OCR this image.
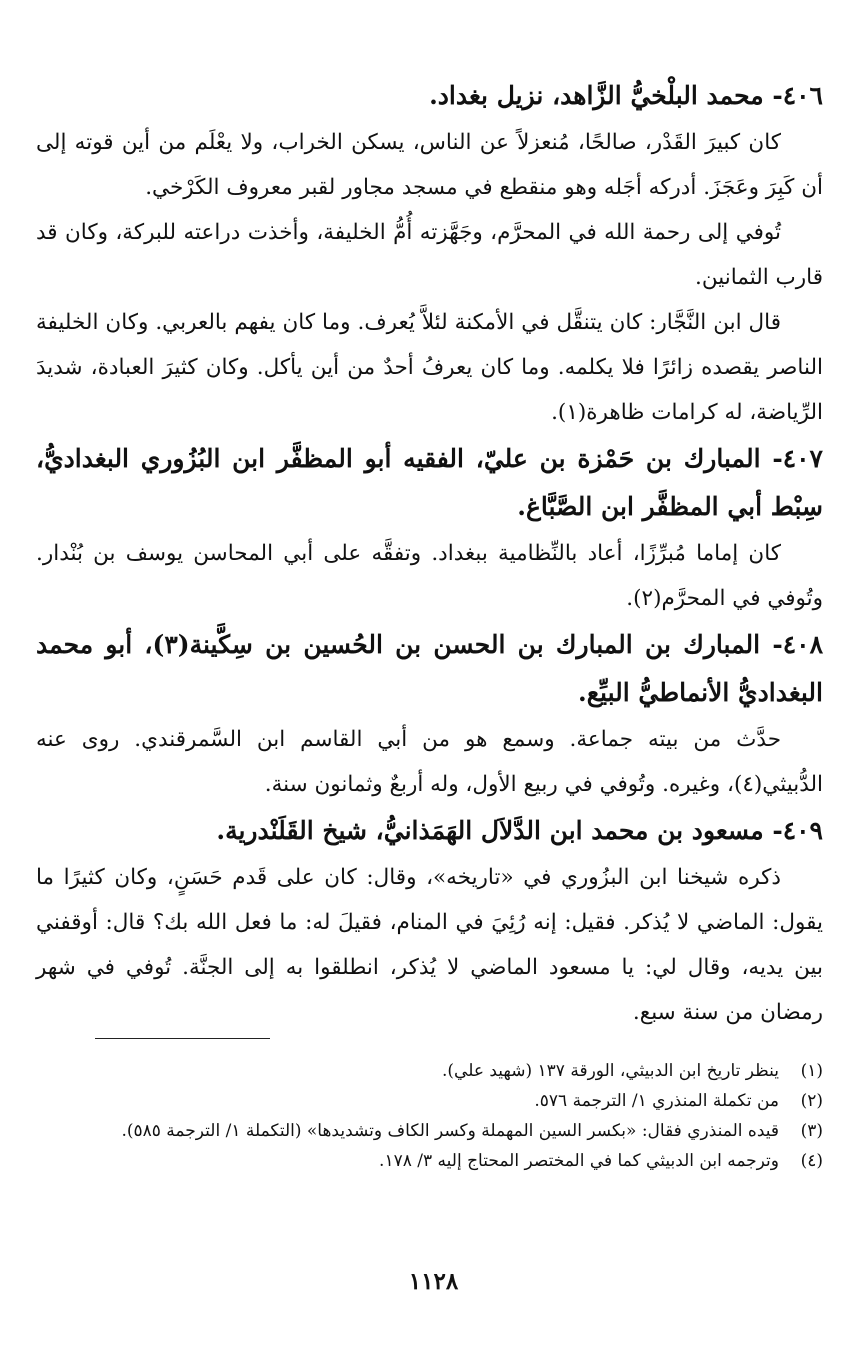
٤٠٦- محمد البلْخيُّ الزَّاهد، نزيل بغداد.

كان كبيرَ القَدْر، صالحًا، مُنعزلاً عن الناس، يسكن الخراب، ولا يعْلَم من أين قوته إلى أن كَبِرَ وعَجَزَ. أدركه أجَله وهو منقطع في مسجد مجاور لقبر معروف الكَرْخي.

تُوفي إلى رحمة الله في المحرَّم، وجَهَّزته أُمُّ الخليفة، وأخذت دراعته للبركة، وكان قد قارب الثمانين.

قال ابن النَّجَّار: كان يتنقَّل في الأمكنة لئلاَّ يُعرف. وما كان يفهم بالعربي. وكان الخليفة الناصر يقصده زائرًا فلا يكلمه. وما كان يعرفُ أحدٌ من أين يأكل. وكان كثيرَ العبادة، شديدَ الرِّياضة، له كرامات ظاهرة(١).

٤٠٧- المبارك بن حَمْزة بن عليّ، الفقيه أبو المظفَّر ابن البُزُوري البغداديُّ، سِبْط أبي المظفَّر ابن الصَّبَّاغ.

كان إماما مُبرِّزًا، أعاد بالنِّظامية ببغداد. وتفقَّه على أبي المحاسن يوسف بن بُنْدار. وتُوفي في المحرَّم(٢).

٤٠٨- المبارك بن المبارك بن الحسن بن الحُسين بن سِكَّينة(٣)، أبو محمد البغداديُّ الأنماطيُّ البيِّع.

حدَّث من بيته جماعة. وسمع هو من أبي القاسم ابن السَّمرقندي. روى عنه الدُّبيثي(٤)، وغيره. وتُوفي في ربيع الأول، وله أربعٌ وثمانون سنة.

٤٠٩- مسعود بن محمد ابن الدَّلاَل الهَمَذانيُّ، شيخ القَلَنْدرية.

ذكره شيخنا ابن البزُوري في «تاريخه»، وقال: كان على قَدم حَسَنٍ، وكان كثيرًا ما يقول: الماضي لا يُذكر. فقيل: إنه رُئِيَ في المنام، فقيلَ له: ما فعل الله بك؟ قال: أوقفني بين يديه، وقال لي: يا مسعود الماضي لا يُذكر، انطلقوا به إلى الجنَّة. تُوفي في شهر رمضان من سنة سبع.

(١)
ينظر تاريخ ابن الدبيثي، الورقة ١٣٧ (شهيد علي).
(٢)
من تكملة المنذري ١/ الترجمة ٥٧٦.
(٣)
قيده المنذري فقال: «بكسر السين المهملة وكسر الكاف وتشديدها» (التكملة ١/ الترجمة ٥٨٥).
(٤)
وترجمه ابن الدبيثي كما في المختصر المحتاج إليه ٣/ ١٧٨.
١١٢٨
